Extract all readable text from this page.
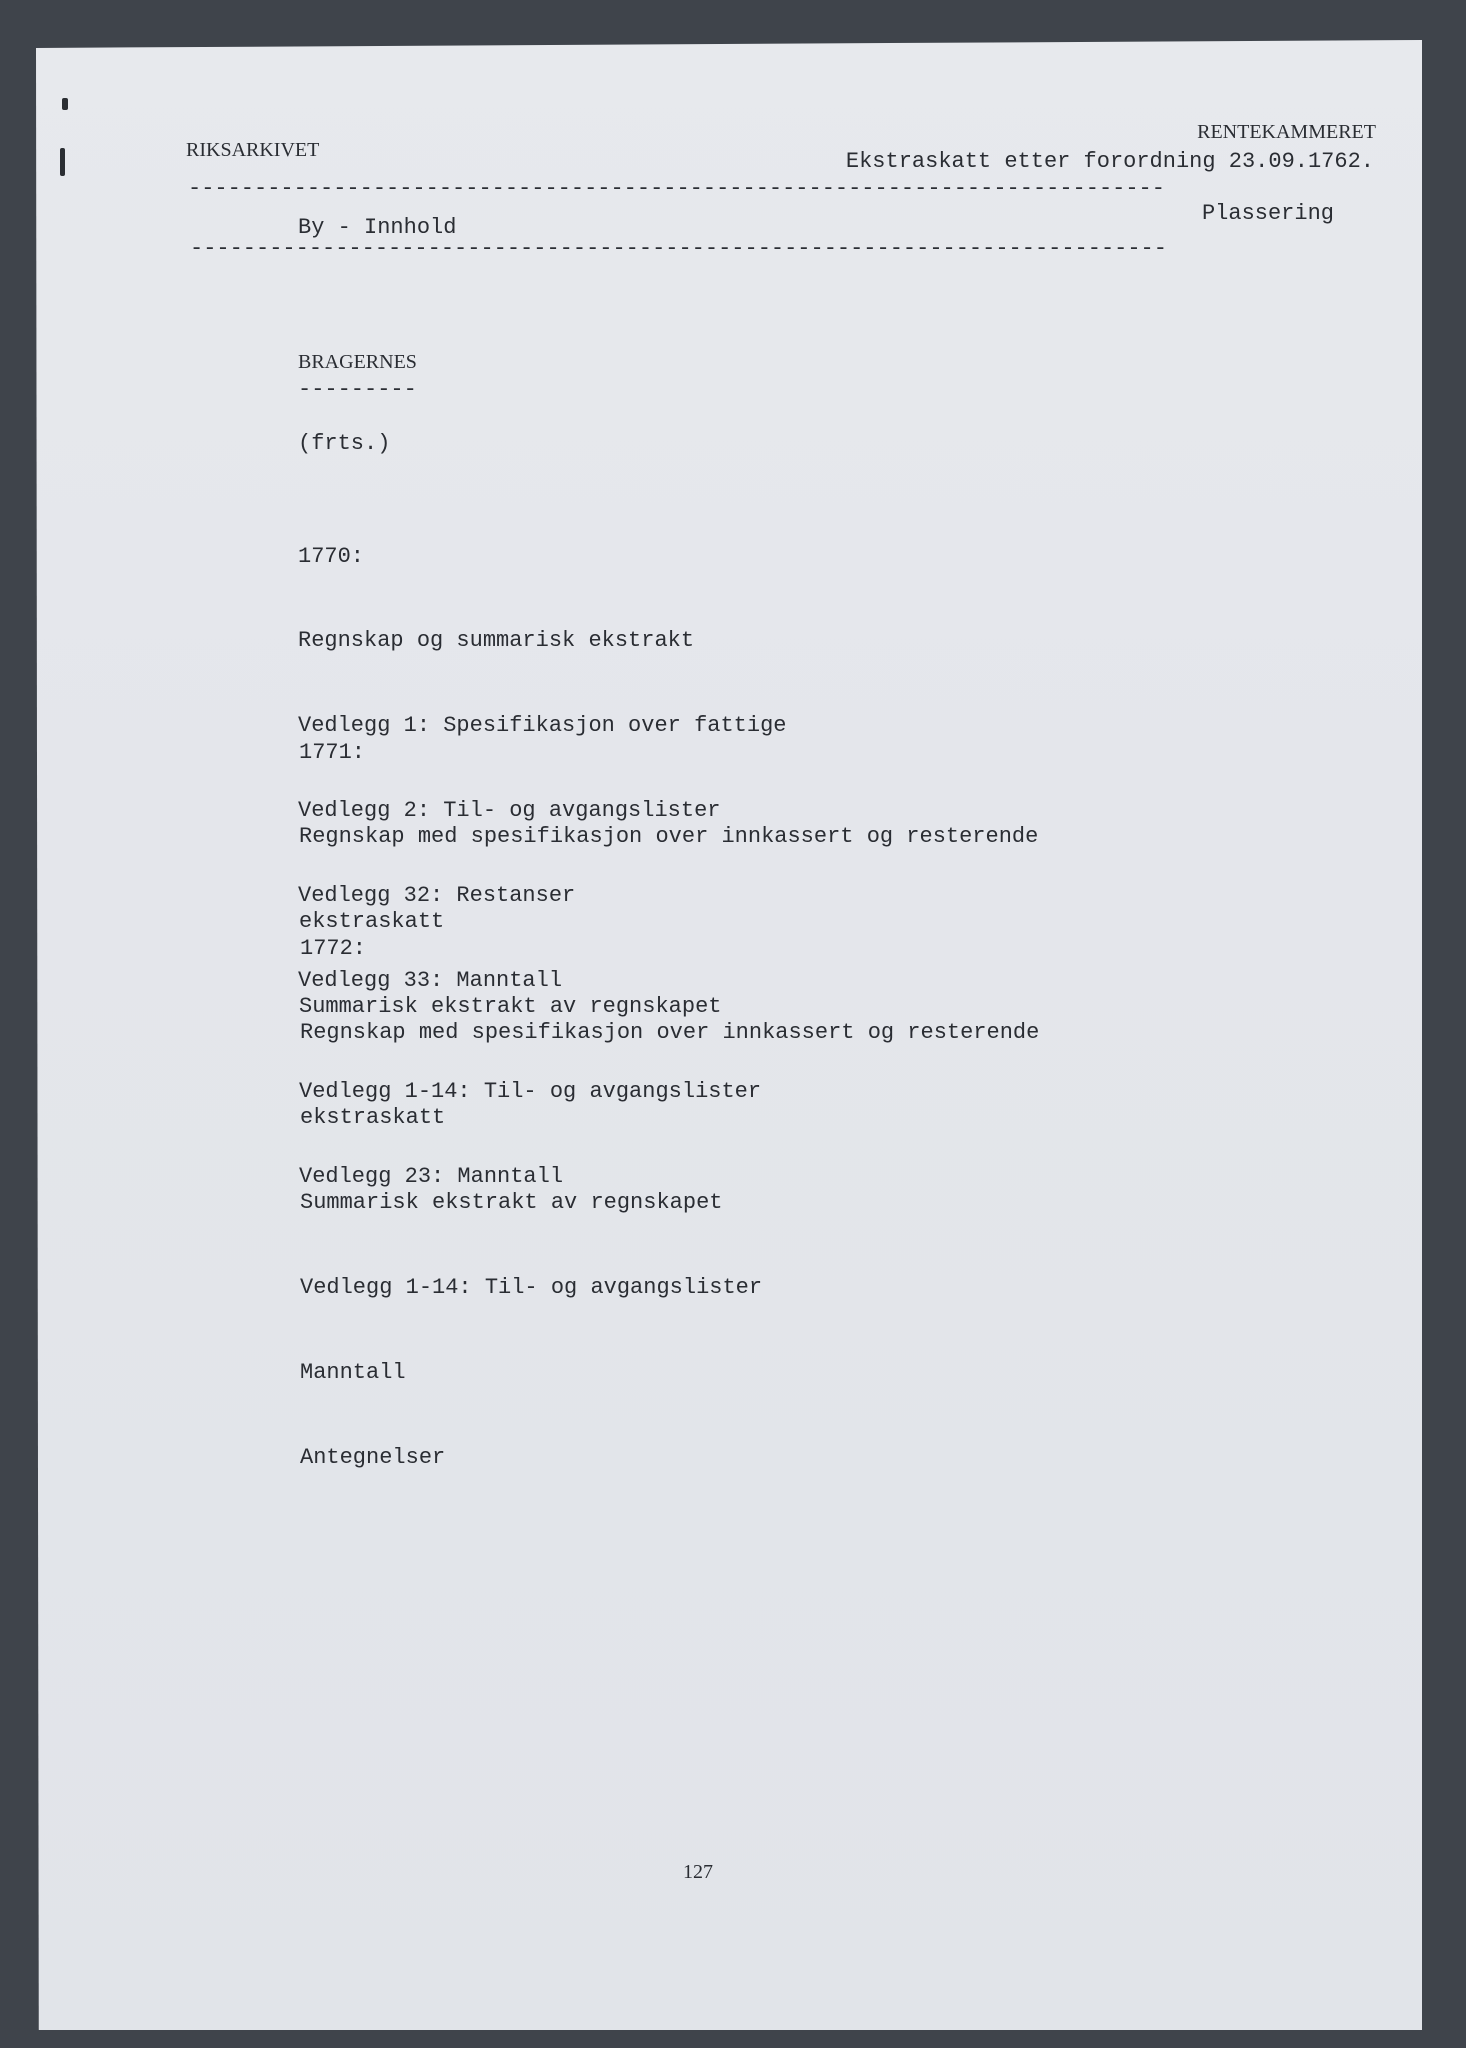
RIKSARKIVET
RENTEKAMMERET
Ekstraskatt etter forordning 23.09.1762.
--------------------------------------------------------------------------
By - Innhold
Plassering
--------------------------------------------------------------------------
BRAGERNES
---------
(frts.)

1770:

Regnskap og summarisk ekstrakt

Vedlegg 1: Spesifikasjon over fattige

Vedlegg 2: Til- og avgangslister

Vedlegg 32: Restanser

Vedlegg 33: Manntall

1771:

Regnskap med spesifikasjon over innkassert og resterende

ekstraskatt

Summarisk ekstrakt av regnskapet

Vedlegg 1-14: Til- og avgangslister

Vedlegg 23: Manntall

1772:

Regnskap med spesifikasjon over innkassert og resterende

ekstraskatt

Summarisk ekstrakt av regnskapet

Vedlegg 1-14: Til- og avgangslister

Manntall

Antegnelser

127
